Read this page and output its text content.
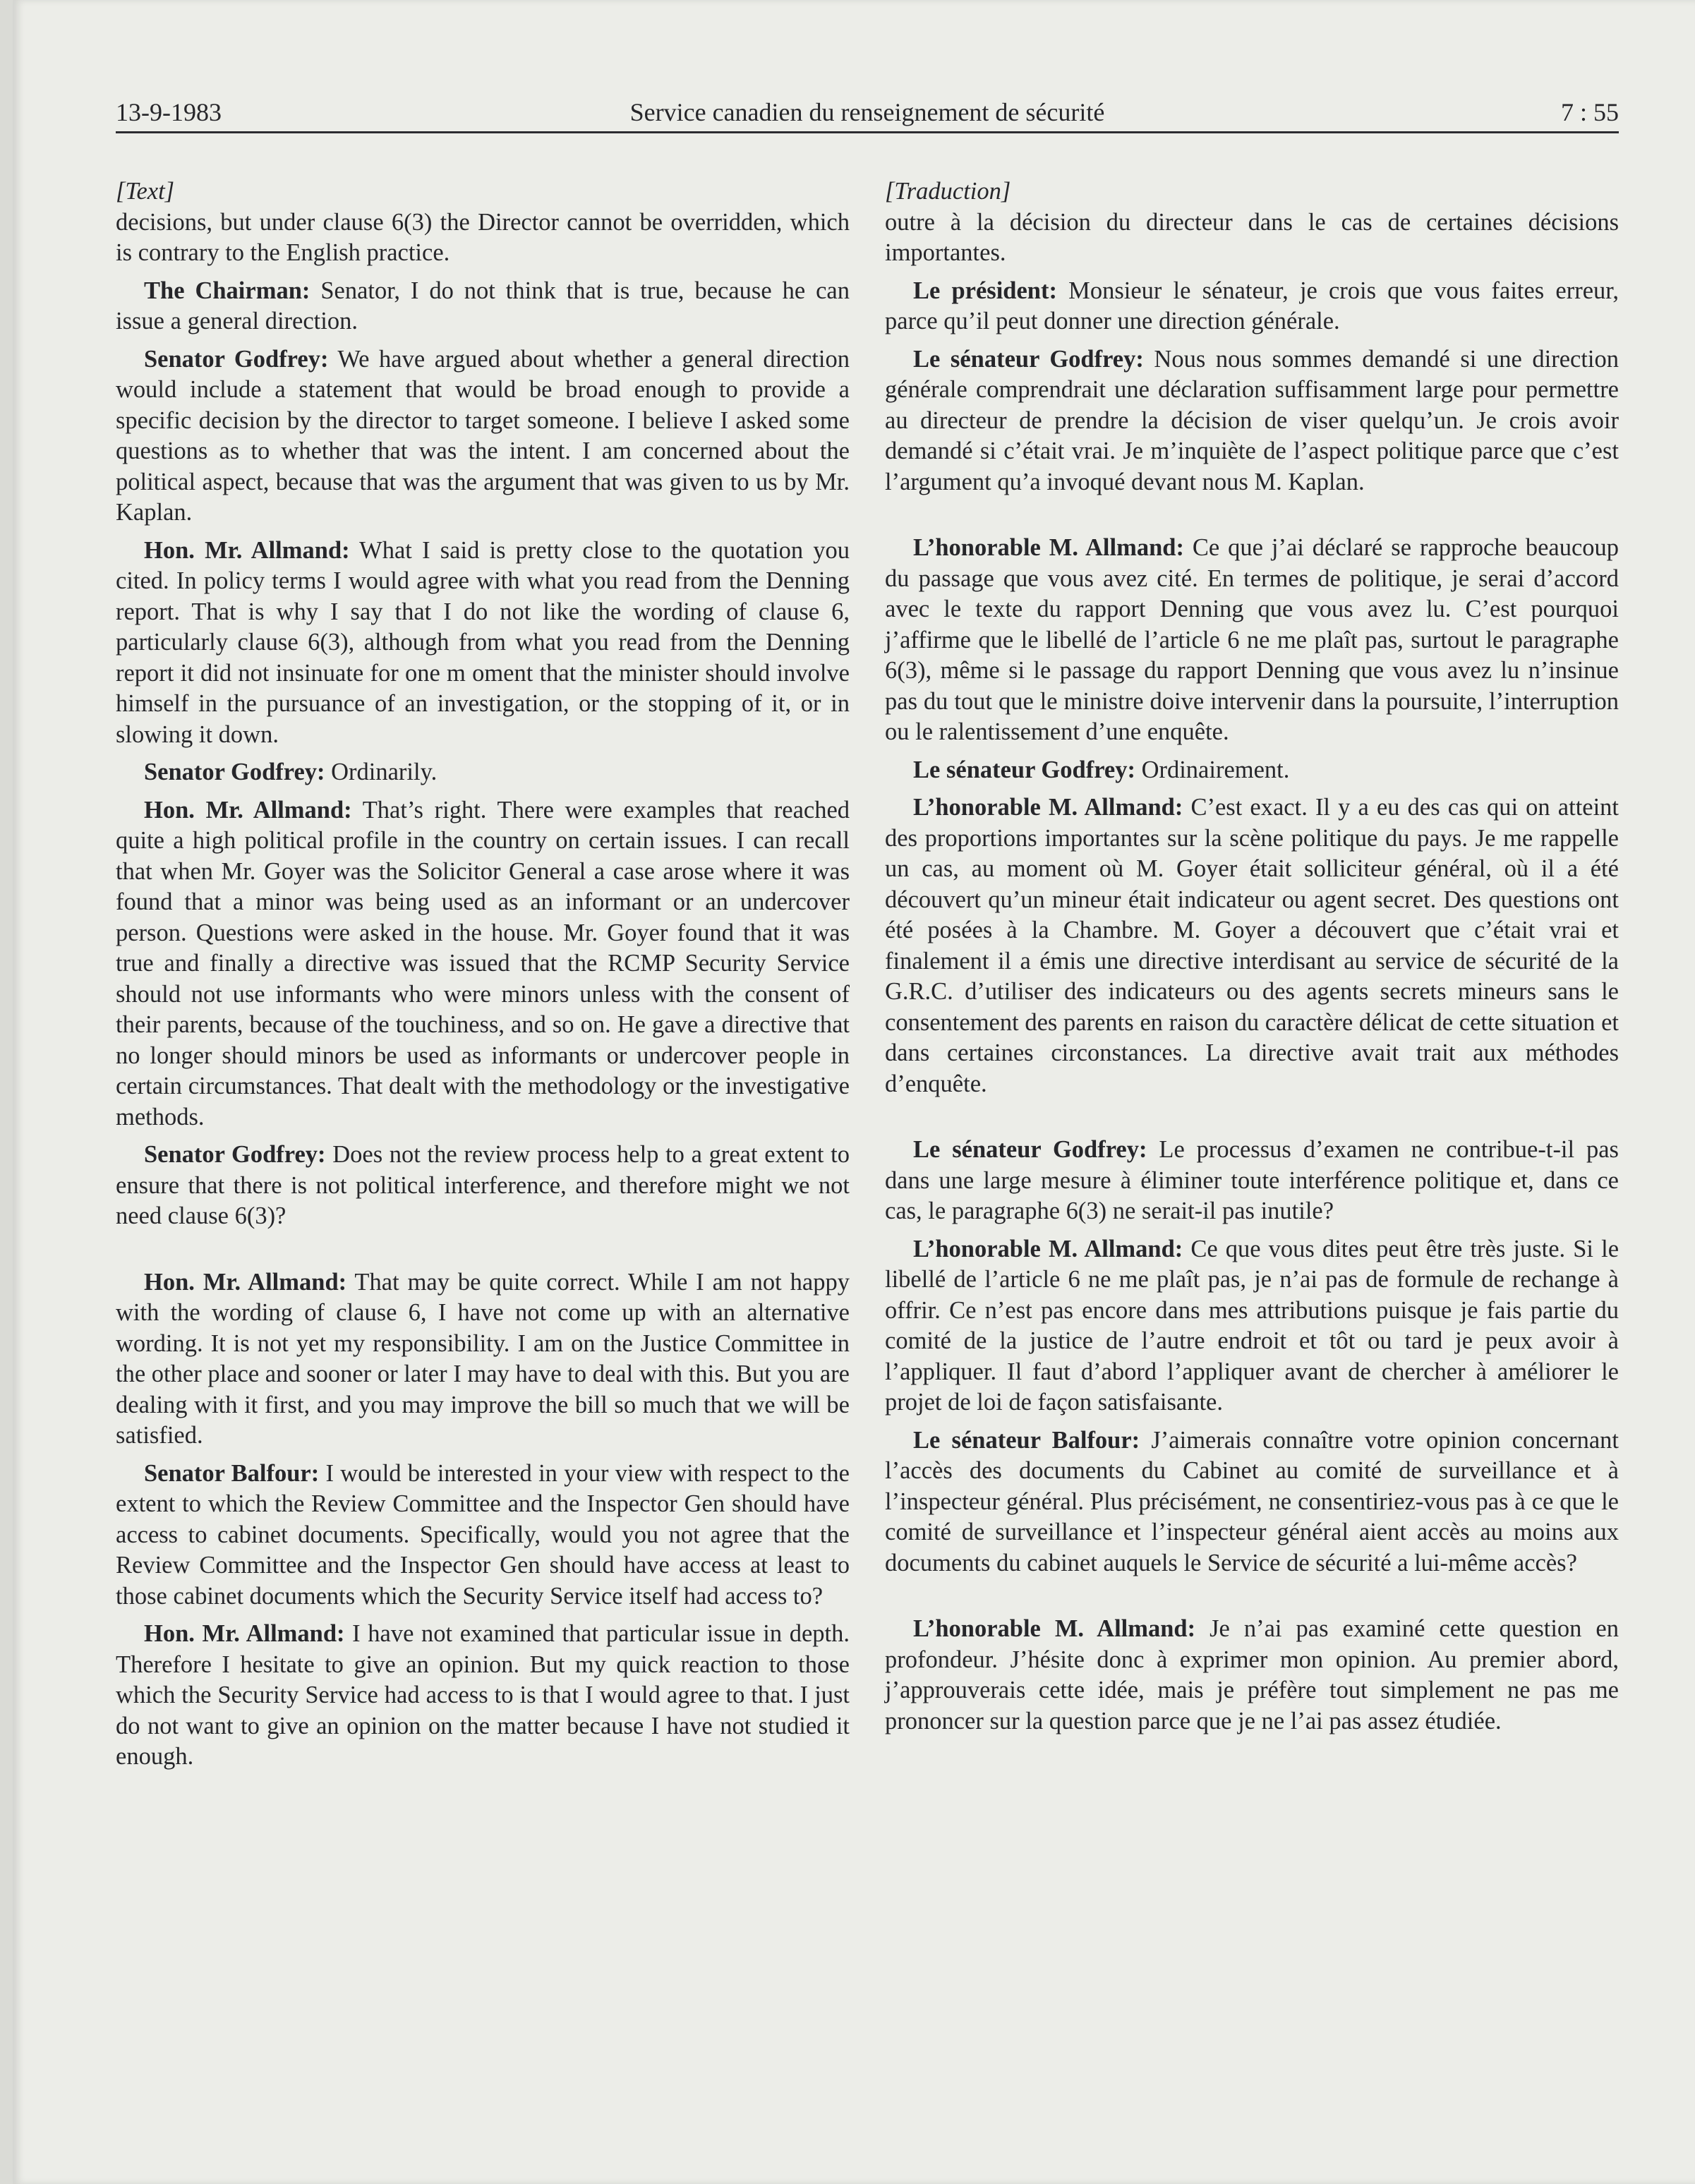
13-9-1983	Service canadien du renseignement de sécurité	7 : 55
[Text]

decisions, but under clause 6(3) the Director cannot be overridden, which is contrary to the English practice.

The Chairman: Senator, I do not think that is true, because he can issue a general direction.

Senator Godfrey: We have argued about whether a general direction would include a statement that would be broad enough to provide a specific decision by the director to target someone. I believe I asked some questions as to whether that was the intent. I am concerned about the political aspect, because that was the argument that was given to us by Mr. Kaplan.

Hon. Mr. Allmand: What I said is pretty close to the quotation you cited. In policy terms I would agree with what you read from the Denning report. That is why I say that I do not like the wording of clause 6, particularly clause 6(3), although from what you read from the Denning report it did not insinuate for one m oment that the minister should involve himself in the pursuance of an investigation, or the stopping of it, or in slowing it down.

Senator Godfrey: Ordinarily.

Hon. Mr. Allmand: That’s right. There were examples that reached quite a high political profile in the country on certain issues. I can recall that when Mr. Goyer was the Solicitor General a case arose where it was found that a minor was being used as an informant or an undercover person. Questions were asked in the house. Mr. Goyer found that it was true and finally a directive was issued that the RCMP Security Service should not use informants who were minors unless with the consent of their parents, because of the touchiness, and so on. He gave a directive that no longer should minors be used as informants or undercover people in certain circumstances. That dealt with the methodology or the investigative methods.

Senator Godfrey: Does not the review process help to a great extent to ensure that there is not political interference, and therefore might we not need clause 6(3)?

Hon. Mr. Allmand: That may be quite correct. While I am not happy with the wording of clause 6, I have not come up with an alternative wording. It is not yet my responsibility. I am on the Justice Committee in the other place and sooner or later I may have to deal with this. But you are dealing with it first, and you may improve the bill so much that we will be satisfied.

Senator Balfour: I would be interested in your view with respect to the extent to which the Review Committee and the Inspector Gen should have access to cabinet documents. Specifically, would you not agree that the Review Committee and the Inspector Gen should have access at least to those cabinet documents which the Security Service itself had access to?

Hon. Mr. Allmand: I have not examined that particular issue in depth. Therefore I hesitate to give an opinion. But my quick reaction to those which the Security Service had access to is that I would agree to that. I just do not want to give an opinion on the matter because I have not studied it enough.

[Traduction]

outre à la décision du directeur dans le cas de certaines décisions importantes.

Le président: Monsieur le sénateur, je crois que vous faites erreur, parce qu’il peut donner une direction générale.

Le sénateur Godfrey: Nous nous sommes demandé si une direction générale comprendrait une déclaration suffisamment large pour permettre au directeur de prendre la décision de viser quelqu’un. Je crois avoir demandé si c’était vrai. Je m’inquiète de l’aspect politique parce que c’est l’argument qu’a invoqué devant nous M. Kaplan.

L’honorable M. Allmand: Ce que j’ai déclaré se rapproche beaucoup du passage que vous avez cité. En termes de politique, je serai d’accord avec le texte du rapport Denning que vous avez lu. C’est pourquoi j’affirme que le libellé de l’article 6 ne me plaît pas, surtout le paragraphe 6(3), même si le passage du rapport Denning que vous avez lu n’insinue pas du tout que le ministre doive intervenir dans la poursuite, l’interruption ou le ralentissement d’une enquête.

Le sénateur Godfrey: Ordinairement.

L’honorable M. Allmand: C’est exact. Il y a eu des cas qui on atteint des proportions importantes sur la scène politique du pays. Je me rappelle un cas, au moment où M. Goyer était solliciteur général, où il a été découvert qu’un mineur était indicateur ou agent secret. Des questions ont été posées à la Chambre. M. Goyer a découvert que c’était vrai et finalement il a émis une directive interdisant au service de sécurité de la G.R.C. d’utiliser des indicateurs ou des agents secrets mineurs sans le consentement des parents en raison du caractère délicat de cette situation et dans certaines circonstances. La directive avait trait aux méthodes d’enquête.

Le sénateur Godfrey: Le processus d’examen ne contribue-t-il pas dans une large mesure à éliminer toute interférence politique et, dans ce cas, le paragraphe 6(3) ne serait-il pas inutile?

L’honorable M. Allmand: Ce que vous dites peut être très juste. Si le libellé de l’article 6 ne me plaît pas, je n’ai pas de formule de rechange à offrir. Ce n’est pas encore dans mes attributions puisque je fais partie du comité de la justice de l’autre endroit et tôt ou tard je peux avoir à l’appliquer. Il faut d’abord l’appliquer avant de chercher à améliorer le projet de loi de façon satisfaisante.

Le sénateur Balfour: J’aimerais connaître votre opinion concernant l’accès des documents du Cabinet au comité de surveillance et à l’inspecteur général. Plus précisément, ne consentiriez-vous pas à ce que le comité de surveillance et l’inspecteur général aient accès au moins aux documents du cabinet auquels le Service de sécurité a lui-même accès?

L’honorable M. Allmand: Je n’ai pas examiné cette question en profondeur. J’hésite donc à exprimer mon opinion. Au premier abord, j’approuverais cette idée, mais je préfère tout simplement ne pas me prononcer sur la question parce que je ne l’ai pas assez étudiée.
